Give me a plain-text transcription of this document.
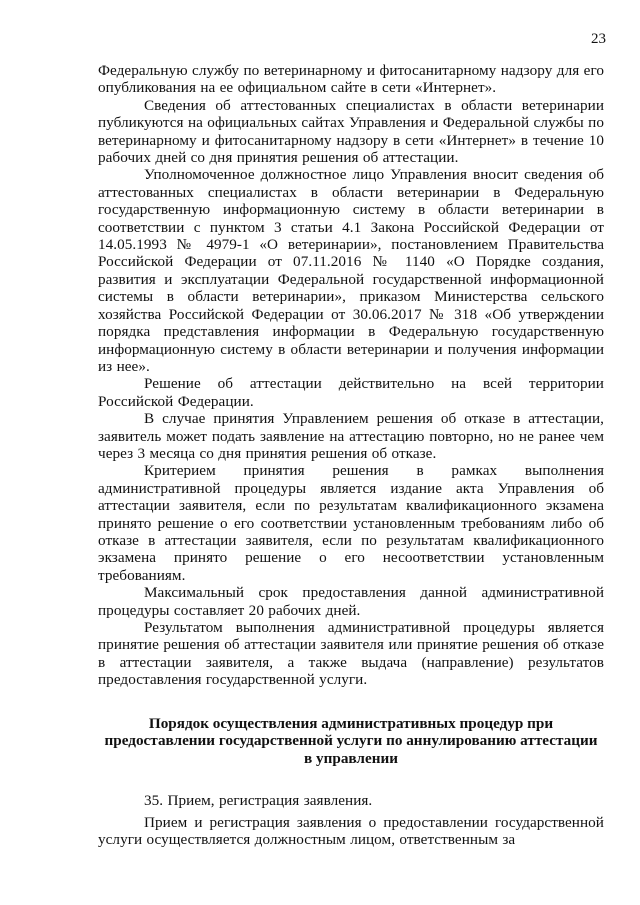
23

Федеральную службу по ветеринарному и фитосанитарному надзору для его опубликования на ее официальном сайте в сети «Интернет».

Сведения об аттестованных специалистах в области ветеринарии публикуются на официальных сайтах Управления и Федеральной службы по ветеринарному и фитосанитарному надзору в сети «Интернет» в течение 10 рабочих дней со дня принятия решения об аттестации.

Уполномоченное должностное лицо Управления вносит сведения об аттестованных специалистах в области ветеринарии в Федеральную государственную информационную систему в области ветеринарии в соответствии с пунктом 3 статьи 4.1 Закона Российской Федерации от 14.05.1993 № 4979-1 «О ветеринарии», постановлением Правительства Российской Федерации от 07.11.2016 № 1140 «О Порядке создания, развития и эксплуатации Федеральной государственной информационной системы в области ветеринарии», приказом Министерства сельского хозяйства Российской Федерации от 30.06.2017 № 318 «Об утверждении порядка представления информации в Федеральную государственную информационную систему в области ветеринарии и получения информации из нее».

Решение об аттестации действительно на всей территории Российской Федерации.

В случае принятия Управлением решения об отказе в аттестации, заявитель может подать заявление на аттестацию повторно, но не ранее чем через 3 месяца со дня принятия решения об отказе.

Критерием принятия решения в рамках выполнения административной процедуры является издание акта Управления об аттестации заявителя, если по результатам квалификационного экзамена принято решение о его соответствии установленным требованиям либо об отказе в аттестации заявителя, если по результатам квалификационного экзамена принято решение о его несоответствии установленным требованиям.

Максимальный срок предоставления данной административной процедуры составляет 20 рабочих дней.

Результатом выполнения административной процедуры является принятие решения об аттестации заявителя или принятие решения об отказе в аттестации заявителя, а также выдача (направление) результатов предоставления государственной услуги.

Порядок осуществления административных процедур при предоставлении государственной услуги по аннулированию аттестации в управлении

35. Прием, регистрация заявления.

Прием и регистрация заявления о предоставлении государственной услуги осуществляется должностным лицом, ответственным за
